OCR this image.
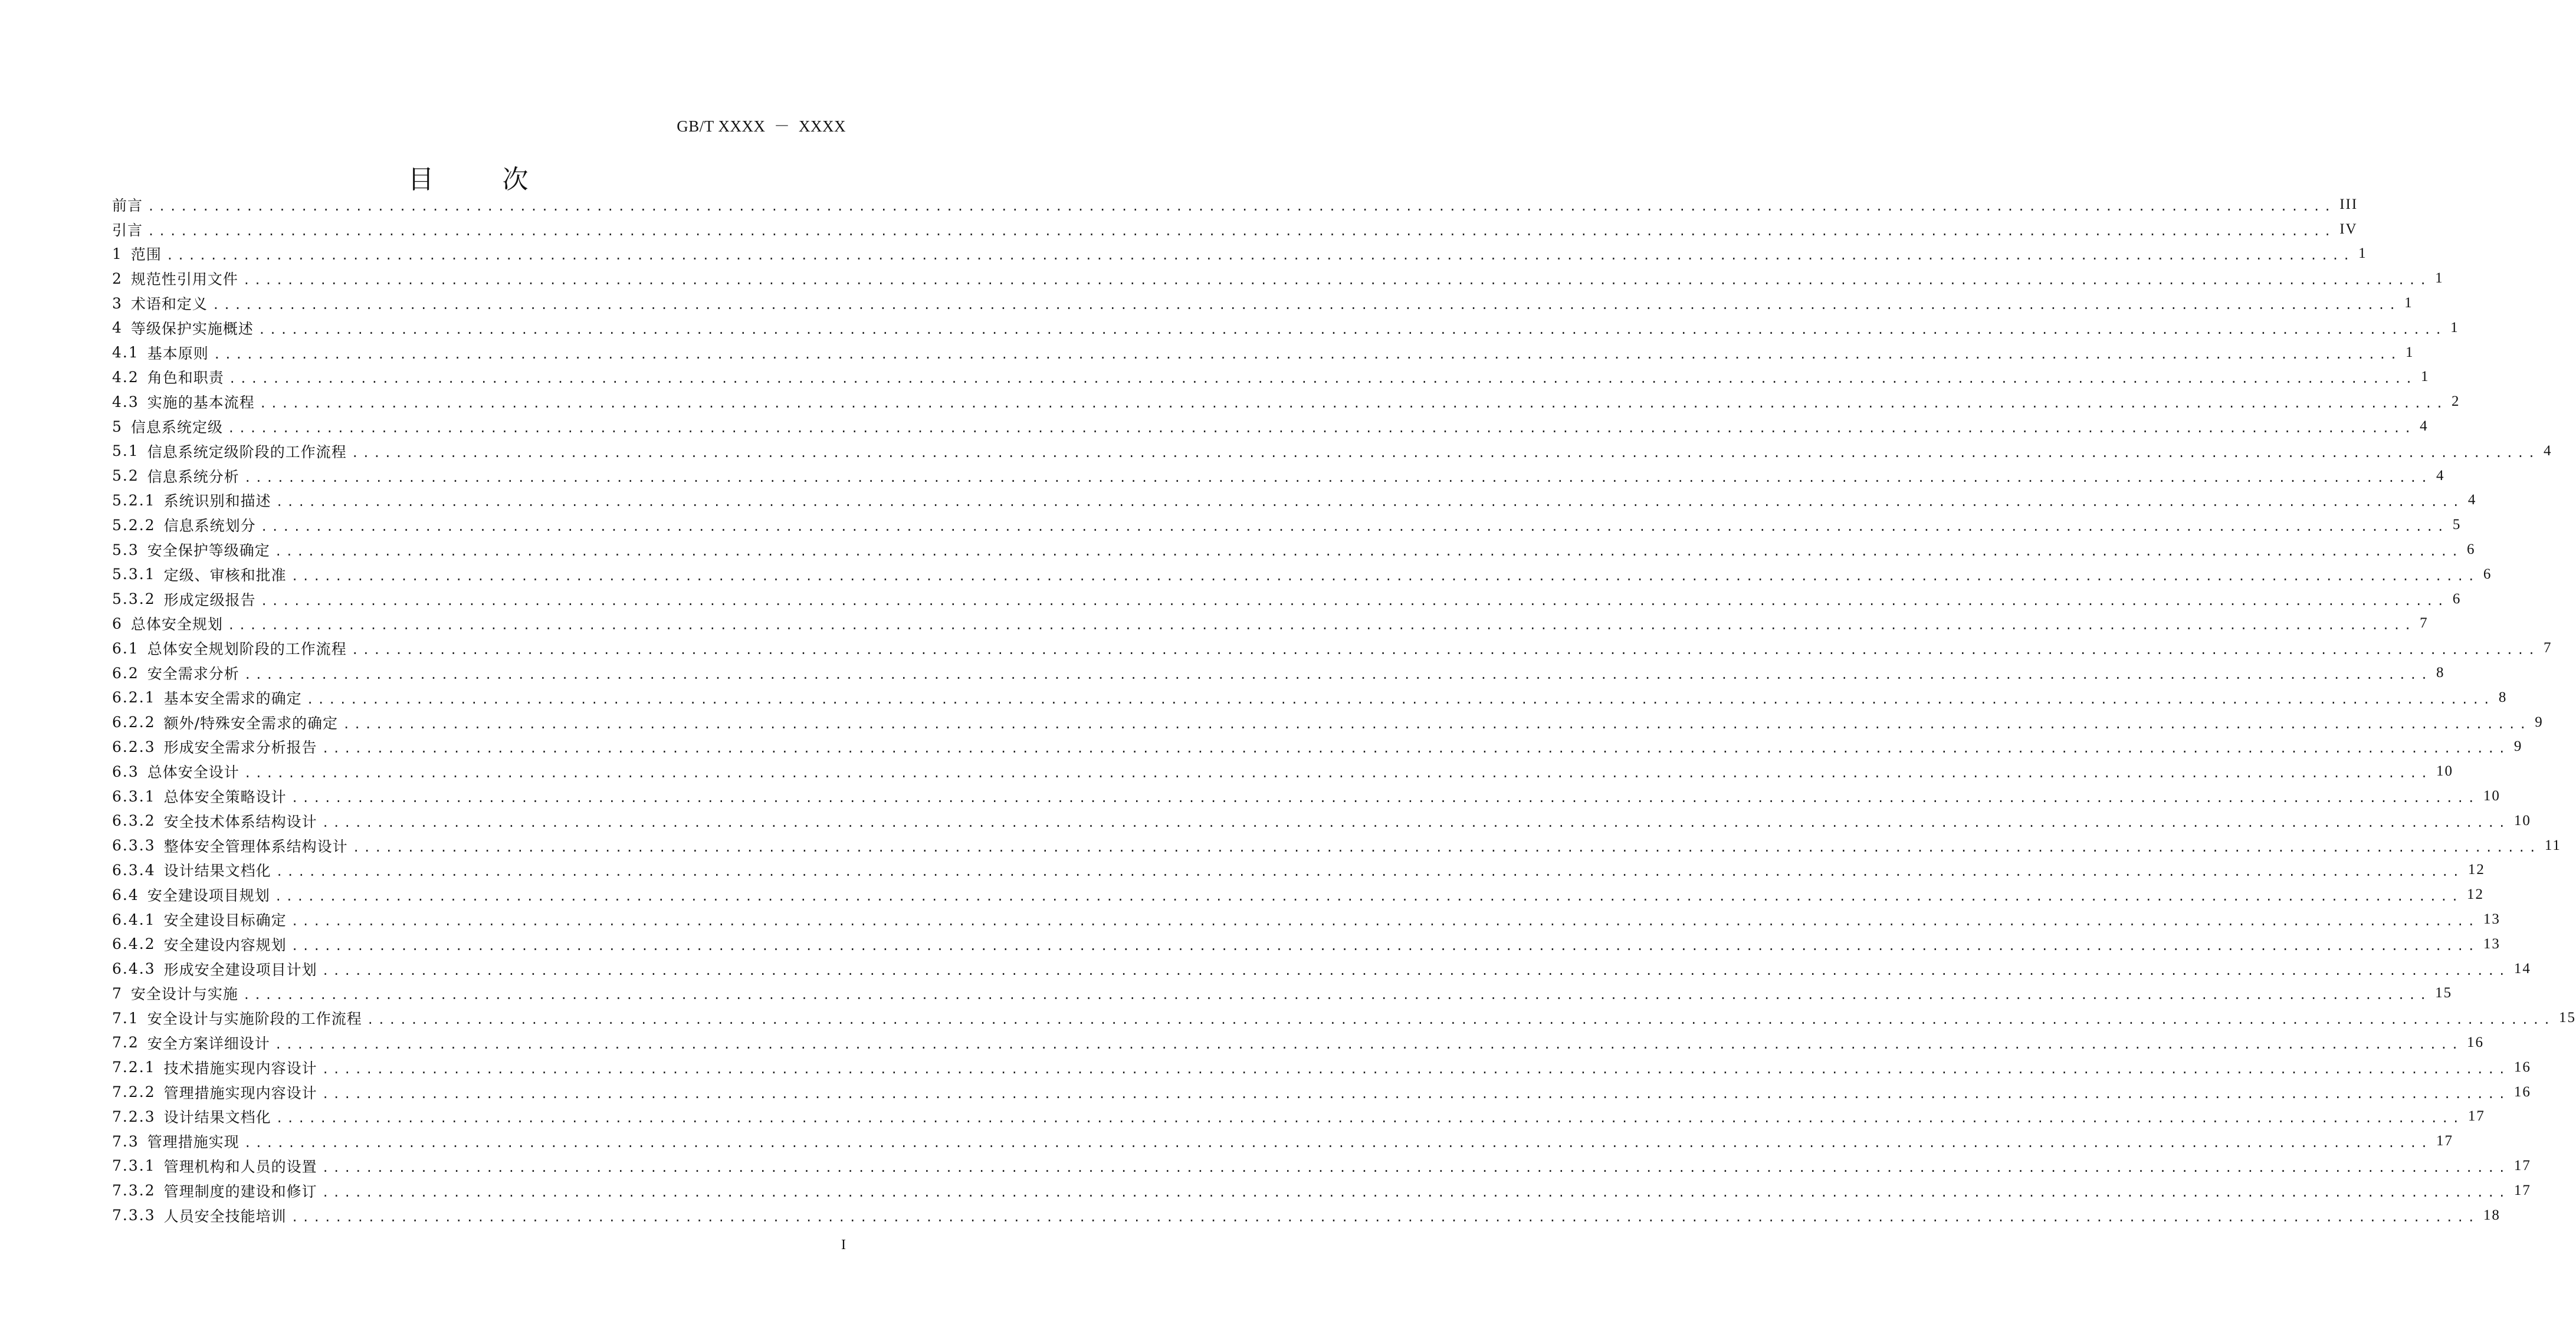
GB/T XXXX  －  XXXX
目　次
前言 ........................................................................................................................................................................................................ III
引言 ........................................................................................................................................................................................................ IV
1 范围 ........................................................................................................................................................................................................ 1
2 规范性引用文件 ........................................................................................................................................................................................................ 1
3 术语和定义 ........................................................................................................................................................................................................ 1
4 等级保护实施概述 ........................................................................................................................................................................................................ 1
4.1 基本原则 ........................................................................................................................................................................................................ 1
4.2 角色和职责 ........................................................................................................................................................................................................ 1
4.3 实施的基本流程 ........................................................................................................................................................................................................ 2
5 信息系统定级 ........................................................................................................................................................................................................ 4
5.1 信息系统定级阶段的工作流程 ........................................................................................................................................................................................................ 4
5.2 信息系统分析 ........................................................................................................................................................................................................ 4
5.2.1 系统识别和描述 ........................................................................................................................................................................................................ 4
5.2.2 信息系统划分 ........................................................................................................................................................................................................ 5
5.3 安全保护等级确定 ........................................................................................................................................................................................................ 6
5.3.1 定级、审核和批准 ........................................................................................................................................................................................................ 6
5.3.2 形成定级报告 ........................................................................................................................................................................................................ 6
6 总体安全规划 ........................................................................................................................................................................................................ 7
6.1 总体安全规划阶段的工作流程 ........................................................................................................................................................................................................ 7
6.2 安全需求分析 ........................................................................................................................................................................................................ 8
6.2.1 基本安全需求的确定 ........................................................................................................................................................................................................ 8
6.2.2 额外/特殊安全需求的确定 ........................................................................................................................................................................................................ 9
6.2.3 形成安全需求分析报告 ........................................................................................................................................................................................................ 9
6.3 总体安全设计 ........................................................................................................................................................................................................ 10
6.3.1 总体安全策略设计 ........................................................................................................................................................................................................ 10
6.3.2 安全技术体系结构设计 ........................................................................................................................................................................................................ 10
6.3.3 整体安全管理体系结构设计 ........................................................................................................................................................................................................ 11
6.3.4 设计结果文档化 ........................................................................................................................................................................................................ 12
6.4 安全建设项目规划 ........................................................................................................................................................................................................ 12
6.4.1 安全建设目标确定 ........................................................................................................................................................................................................ 13
6.4.2 安全建设内容规划 ........................................................................................................................................................................................................ 13
6.4.3 形成安全建设项目计划 ........................................................................................................................................................................................................ 14
7 安全设计与实施 ........................................................................................................................................................................................................ 15
7.1 安全设计与实施阶段的工作流程 ........................................................................................................................................................................................................ 15
7.2 安全方案详细设计 ........................................................................................................................................................................................................ 16
7.2.1 技术措施实现内容设计 ........................................................................................................................................................................................................ 16
7.2.2 管理措施实现内容设计 ........................................................................................................................................................................................................ 16
7.2.3 设计结果文档化 ........................................................................................................................................................................................................ 17
7.3 管理措施实现 ........................................................................................................................................................................................................ 17
7.3.1 管理机构和人员的设置 ........................................................................................................................................................................................................ 17
7.3.2 管理制度的建设和修订 ........................................................................................................................................................................................................ 17
7.3.3 人员安全技能培训 ........................................................................................................................................................................................................ 18
I
